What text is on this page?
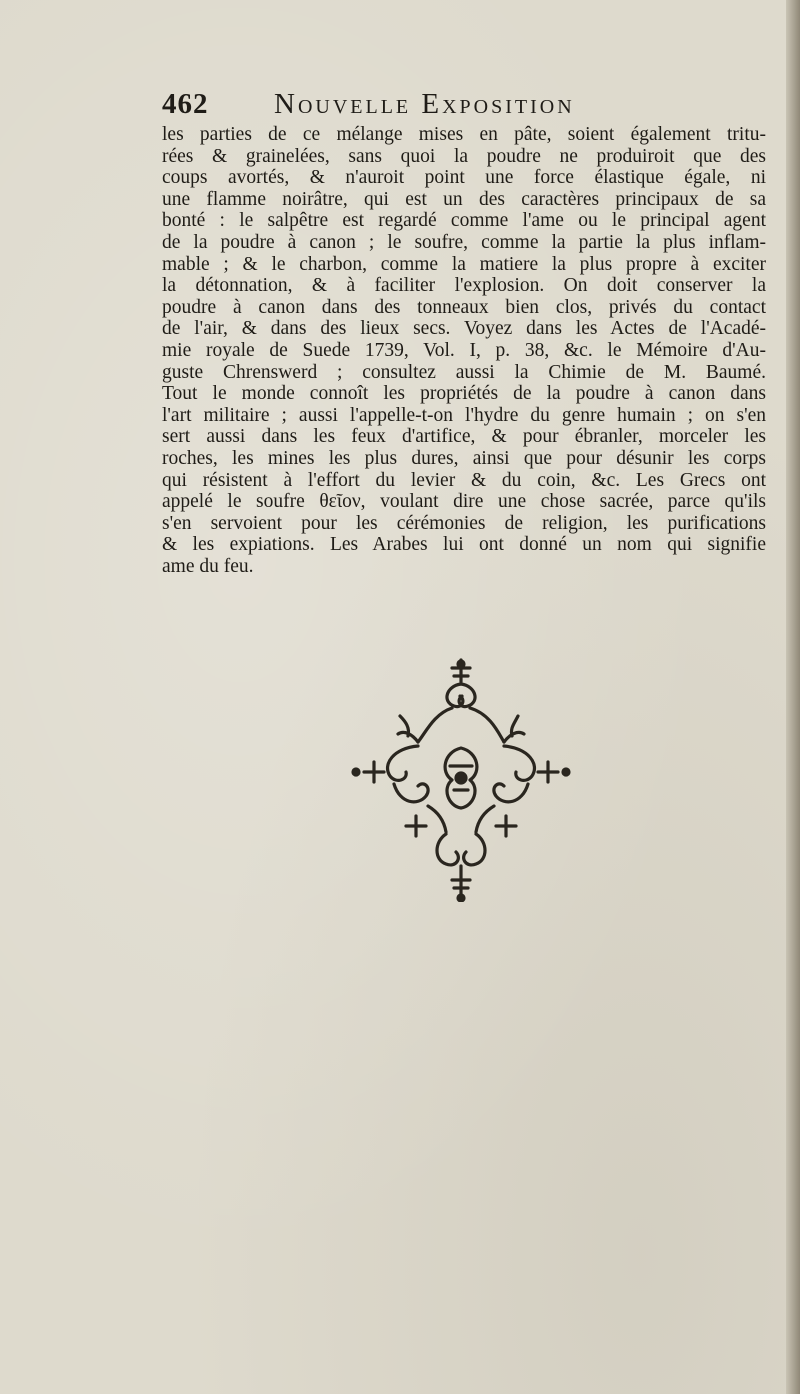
462 Nouvelle Exposition
les parties de ce mélange mises en pâte, soient également tritu-
rées & grainelées, sans quoi la poudre ne produiroit que des
coups avortés, & n'auroit point une force élastique égale, ni
une flamme noirâtre, qui est un des caractères principaux de sa
bonté : le salpêtre est regardé comme l'ame ou le principal agent
de la poudre à canon ; le soufre, comme la partie la plus inflam-
mable ; & le charbon, comme la matiere la plus propre à exciter
la détonnation, & à faciliter l'explosion. On doit conserver la
poudre à canon dans des tonneaux bien clos, privés du contact
de l'air, & dans des lieux secs. Voyez dans les Actes de l'Acadé-
mie royale de Suede 1739, Vol. I, p. 38, &c. le Mémoire d'Au-
guste Chrenswerd ; consultez aussi la Chimie de M. Baumé.
Tout le monde connoît les propriétés de la poudre à canon dans
l'art militaire ; aussi l'appelle-t-on l'hydre du genre humain ; on s'en
sert aussi dans les feux d'artifice, & pour ébranler, morceler les
roches, les mines les plus dures, ainsi que pour désunir les corps
qui résistent à l'effort du levier & du coin, &c. Les Grecs ont
appelé le soufre θεῖον, voulant dire une chose sacrée, parce qu'ils
s'en servoient pour les cérémonies de religion, les purifications
& les expiations. Les Arabes lui ont donné un nom qui signifie
ame du feu.
